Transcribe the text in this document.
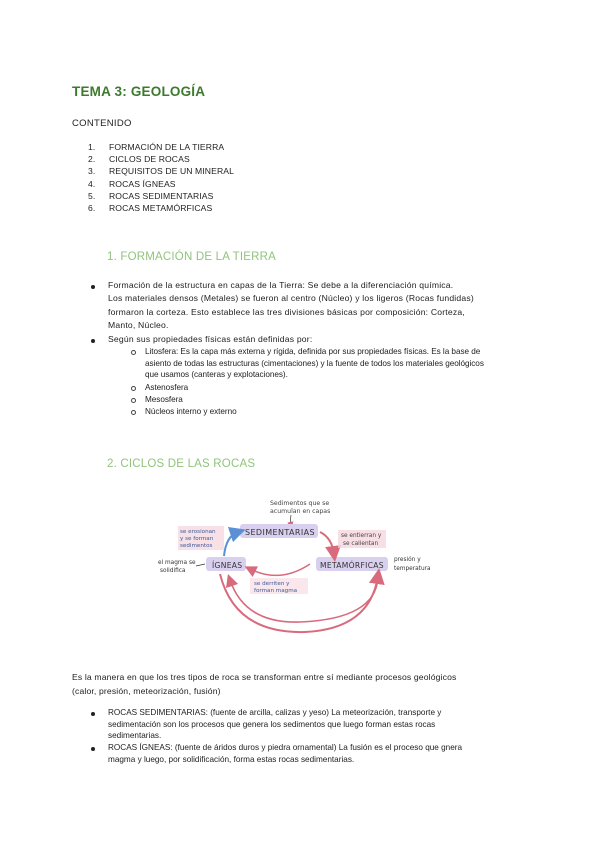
TEMA 3: GEOLOGÍA
CONTENIDO
1.	FORMACIÓN DE LA TIERRA
2.	CICLOS DE ROCAS
3.	REQUISITOS DE UN MINERAL
4.	ROCAS ÍGNEAS
5.	ROCAS SEDIMENTARIAS
6.	ROCAS METAMÓRFICAS
1. FORMACIÓN DE LA TIERRA
Formación de la estructura en capas de la Tierra: Se debe a la diferenciación química.
Los materiales densos (Metales) se fueron al centro (Núcleo) y los ligeros (Rocas fundidas)
formaron la corteza. Esto establece las tres divisiones básicas por composición: Corteza,
Manto, Núcleo.
Según sus propiedades físicas están definidas por:
Litosfera: Es la capa más externa y rígida, definida por sus propiedades físicas. Es la base de
asiento de todas las estructuras (cimentaciones) y la fuente de todos los materiales geológicos
que usamos (canteras y explotaciones).
Astenosfera
Mesosfera
Núcleos interno y externo
2. CICLOS DE LAS ROCAS
Sedimentos que se
acumulan en capas
SEDIMENTARIAS
ÍGNEAS	METAMÓRFICAS
se erosionan
y se forman
sedimentos
el magma se
solidifica
se entierran y
se calientan
presión y
temperatura
se derriten y
forman magma
Es la manera en que los tres tipos de roca se transforman entre sí mediante procesos geológicos
(calor, presión, meteorización, fusión)
ROCAS SEDIMENTARIAS: (fuente de arcilla, calizas y yeso) La meteorización, transporte y
sedimentación son los procesos que genera los sedimentos que luego forman estas rocas
sedimentarias.
ROCAS ÍGNEAS: (fuente de áridos duros y piedra ornamental) La fusión es el proceso que gnera
magma y luego, por solidificación, forma estas rocas sedimentarias.
